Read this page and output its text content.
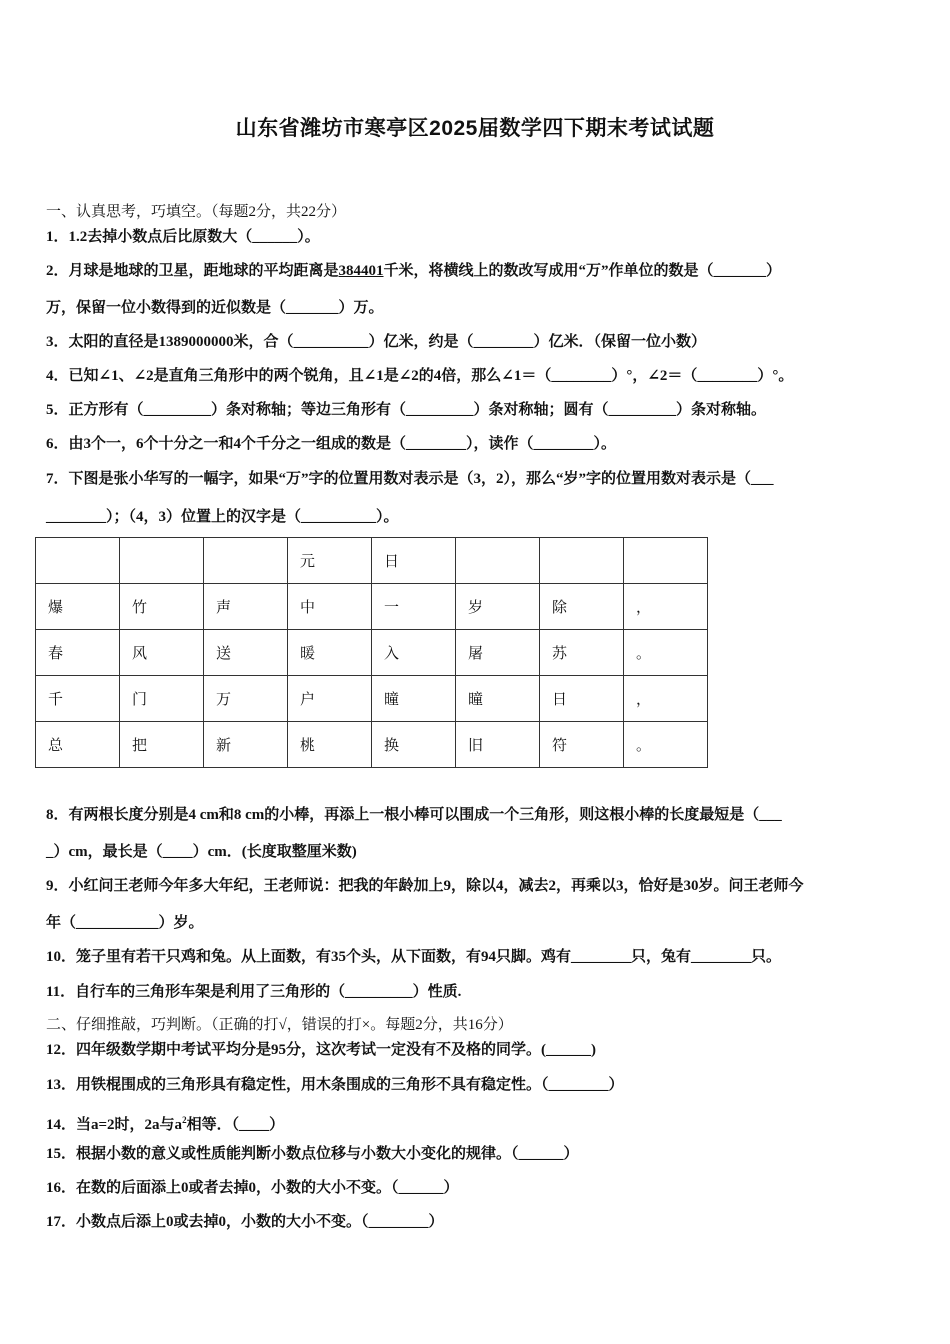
山东省潍坊市寒亭区2025届数学四下期末考试试题
一、认真思考，巧填空。（每题2分，共22分）
1．1.2去掉小数点后比原数大（______）。
2．月球是地球的卫星，距地球的平均距离是384401千米，将横线上的数改写成用“万”作单位的数是（_______）
万，保留一位小数得到的近似数是（_______）万。
3．太阳的直径是1389000000米，合（__________）亿米，约是（________）亿米．（保留一位小数）
4．已知∠1、∠2是直角三角形中的两个锐角，且∠1是∠2的4倍，那么∠1＝（________）°，∠2＝（________）°。
5．正方形有（_________）条对称轴；等边三角形有（_________）条对称轴；圆有（_________）条对称轴。
6．由3个一，6个十分之一和4个千分之一组成的数是（________），读作（________）。
7．下图是张小华写的一幅字，如果“万”字的位置用数对表示是（3，2），那么“岁”字的位置用数对表示是（___
________）；（4，3）位置上的汉字是（__________）。
			元	日			
爆	竹	声	中	一	岁	除	，
春	风	送	暖	入	屠	苏	。
千	门	万	户	曈	曈	日	，
总	把	新	桃	换	旧	符	。
8．有两根长度分别是4 cm和8 cm的小棒，再添上一根小棒可以围成一个三角形，则这根小棒的长度最短是（___
_）cm，最长是（____）cm．(长度取整厘米数)
9．小红问王老师今年多大年纪，王老师说：把我的年龄加上9，除以4，减去2，再乘以3，恰好是30岁。问王老师今
年（___________）岁。
10．笼子里有若干只鸡和兔。从上面数，有35个头，从下面数，有94只脚。鸡有________只，兔有________只。
11．自行车的三角形车架是利用了三角形的（_________）性质.
二、仔细推敲，巧判断。（正确的打√，错误的打×。每题2分，共16分）
12．四年级数学期中考试平均分是95分，这次考试一定没有不及格的同学。(______)
13．用铁棍围成的三角形具有稳定性，用木条围成的三角形不具有稳定性。（________）
14．当a=2时，2a与$a^2$相等．（____）
15．根据小数的意义或性质能判断小数点位移与小数大小变化的规律。（______）
16．在数的后面添上0或者去掉0，小数的大小不变。（______）
17．小数点后添上0或去掉0，小数的大小不变。（________）
